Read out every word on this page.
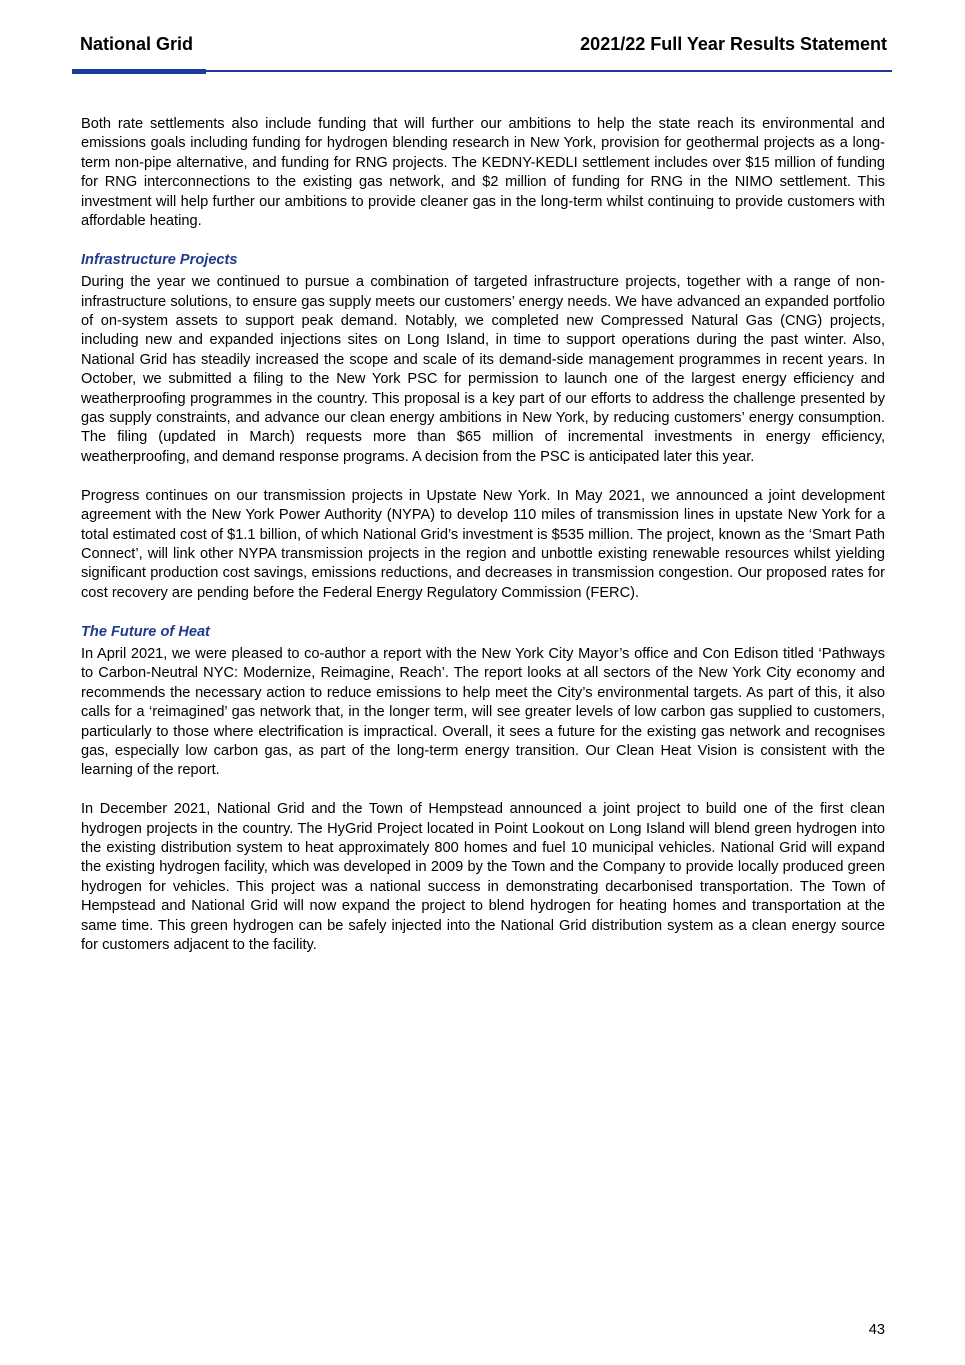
National Grid	2021/22 Full Year Results Statement

Both rate settlements also include funding that will further our ambitions to help the state reach its environmental and emissions goals including funding for hydrogen blending research in New York, provision for geothermal projects as a long-term non-pipe alternative, and funding for RNG projects. The KEDNY-KEDLI settlement includes over $15 million of funding for RNG interconnections to the existing gas network, and $2 million of funding for RNG in the NIMO settlement. This investment will help further our ambitions to provide cleaner gas in the long-term whilst continuing to provide customers with affordable heating.

Infrastructure Projects

During the year we continued to pursue a combination of targeted infrastructure projects, together with a range of non-infrastructure solutions, to ensure gas supply meets our customers’ energy needs. We have advanced an expanded portfolio of on-system assets to support peak demand. Notably, we completed new Compressed Natural Gas (CNG) projects, including new and expanded injections sites on Long Island, in time to support operations during the past winter. Also, National Grid has steadily increased the scope and scale of its demand-side management programmes in recent years. In October, we submitted a filing to the New York PSC for permission to launch one of the largest energy efficiency and weatherproofing programmes in the country. This proposal is a key part of our efforts to address the challenge presented by gas supply constraints, and advance our clean energy ambitions in New York, by reducing customers’ energy consumption. The filing (updated in March) requests more than $65 million of incremental investments in energy efficiency, weatherproofing, and demand response programs. A decision from the PSC is anticipated later this year.

Progress continues on our transmission projects in Upstate New York. In May 2021, we announced a joint development agreement with the New York Power Authority (NYPA) to develop 110 miles of transmission lines in upstate New York for a total estimated cost of $1.1 billion, of which National Grid’s investment is $535 million. The project, known as the ‘Smart Path Connect’, will link other NYPA transmission projects in the region and unbottle existing renewable resources whilst yielding significant production cost savings, emissions reductions, and decreases in transmission congestion. Our proposed rates for cost recovery are pending before the Federal Energy Regulatory Commission (FERC).

The Future of Heat

In April 2021, we were pleased to co-author a report with the New York City Mayor’s office and Con Edison titled ‘Pathways to Carbon-Neutral NYC: Modernize, Reimagine, Reach’. The report looks at all sectors of the New York City economy and recommends the necessary action to reduce emissions to help meet the City’s environmental targets. As part of this, it also calls for a ‘reimagined’ gas network that, in the longer term, will see greater levels of low carbon gas supplied to customers, particularly to those where electrification is impractical. Overall, it sees a future for the existing gas network and recognises gas, especially low carbon gas, as part of the long-term energy transition. Our Clean Heat Vision is consistent with the learning of the report.

In December 2021, National Grid and the Town of Hempstead announced a joint project to build one of the first clean hydrogen projects in the country. The HyGrid Project located in Point Lookout on Long Island will blend green hydrogen into the existing distribution system to heat approximately 800 homes and fuel 10 municipal vehicles. National Grid will expand the existing hydrogen facility, which was developed in 2009 by the Town and the Company to provide locally produced green hydrogen for vehicles. This project was a national success in demonstrating decarbonised transportation. The Town of Hempstead and National Grid will now expand the project to blend hydrogen for heating homes and transportation at the same time. This green hydrogen can be safely injected into the National Grid distribution system as a clean energy source for customers adjacent to the facility.

43
